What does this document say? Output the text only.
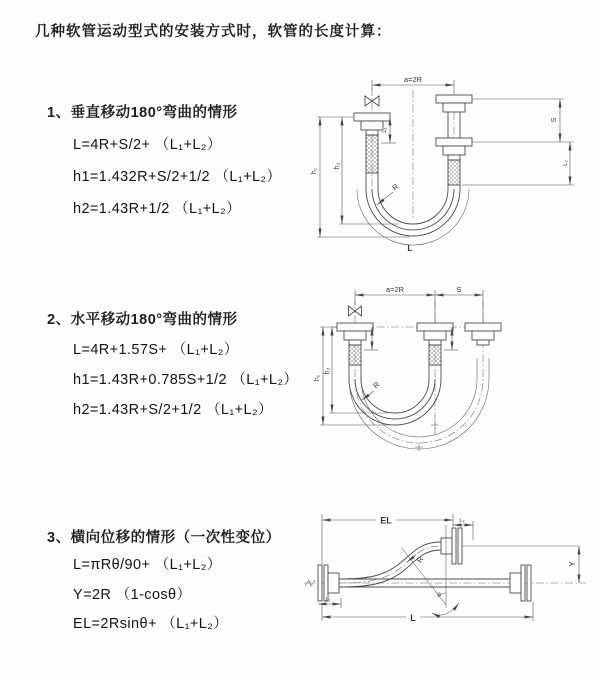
几种软管运动型式的安装方式时，软管的长度计算：
1、垂直移动180°弯曲的情形
L=4R+S/2+ （L₁+L₂）
h1=1.432R+S/2+1/2 （L₁+L₂）
h2=1.43R+1/2 （L₁+L₂）
2、水平移动180°弯曲的情形
L=4R+1.57S+ （L₁+L₂）
h1=1.43R+0.785S+1/2 （L₁+L₂）
h2=1.43R+S/2+1/2 （L₁+L₂）
3、横向位移的情形（一次性变位）
L=πRθ/90+ （L₁+L₂）
Y=2R （1-cosθ）
EL=2Rsinθ+ （L₁+L₂）
a=2R
h₁
h₂
L₁
S
L₂
R
L
a=2R	S
h₁
h₂
R
θ
EL	L₂
Y
R
L
L₁
